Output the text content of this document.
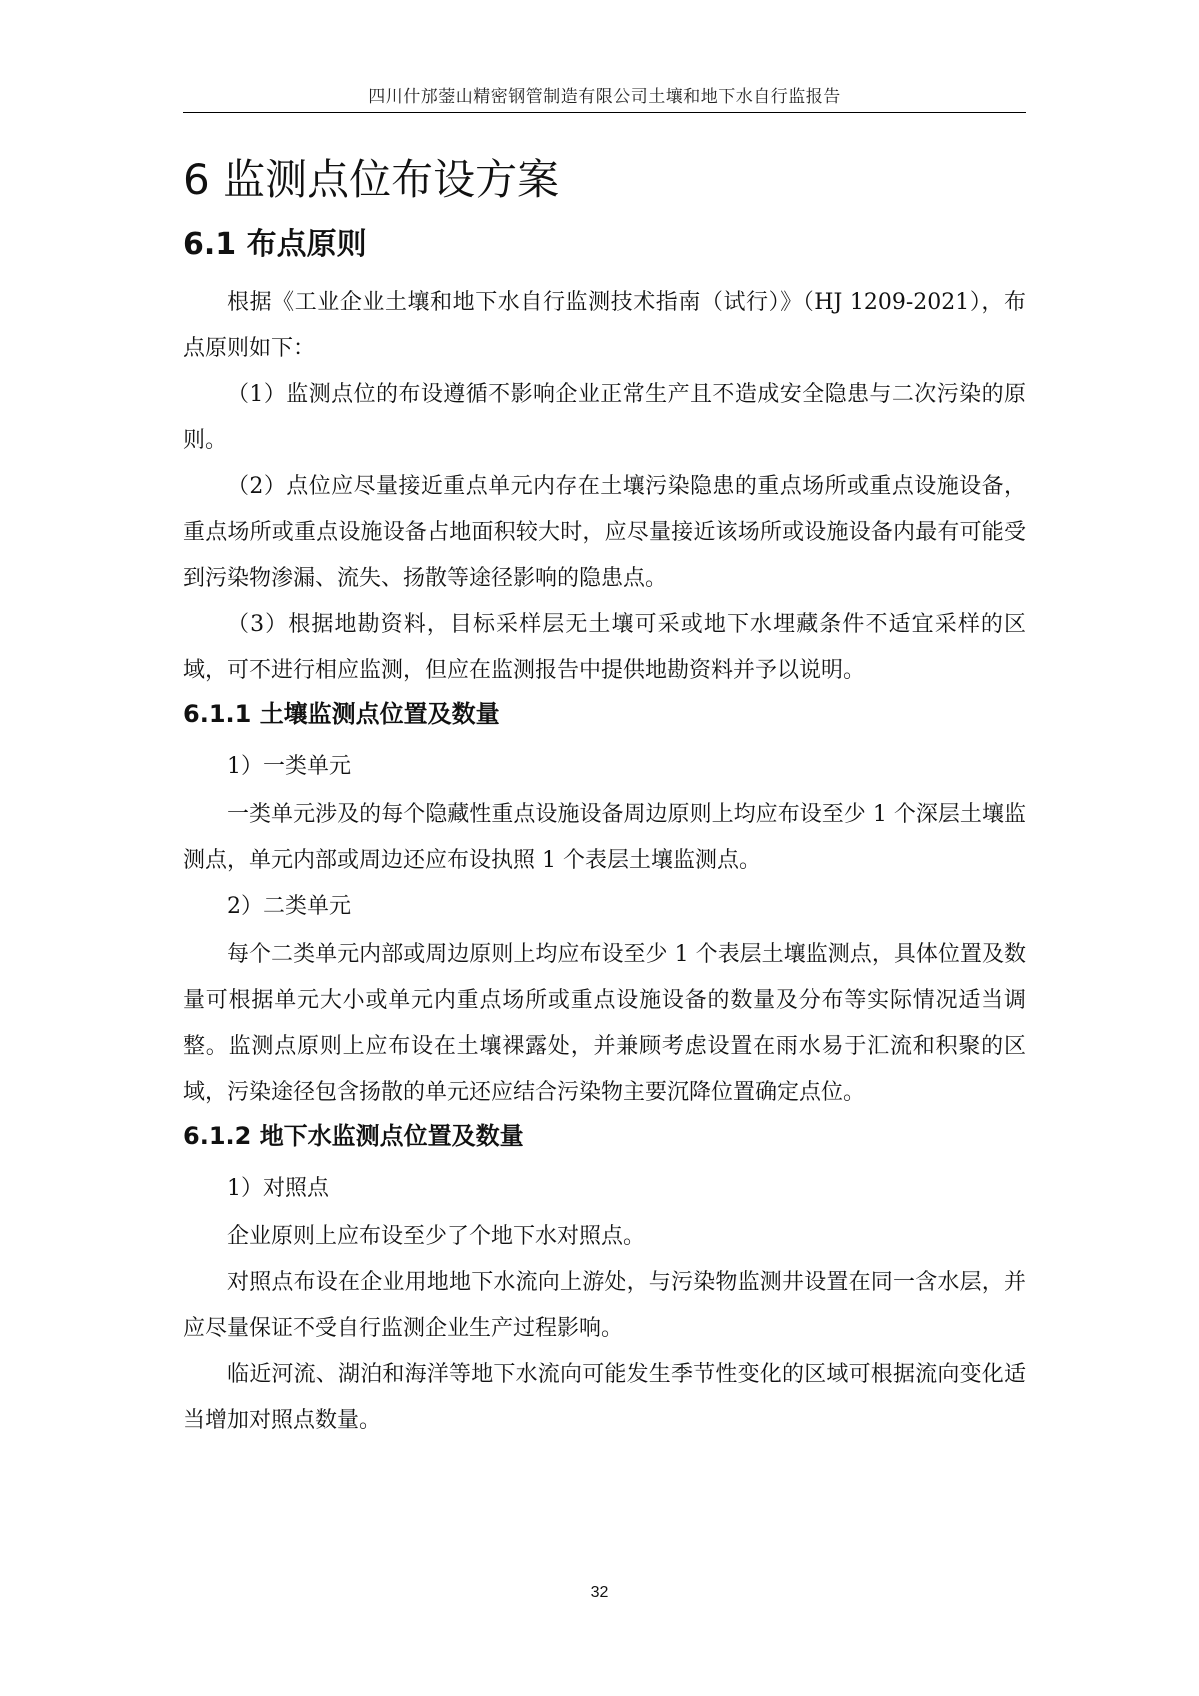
四川什邡蓥山精密钢管制造有限公司土壤和地下水自行监报告
6 监测点位布设方案
6.1 布点原则

根据《工业企业土壤和地下水自行监测技术指南（试行）》（HJ 1209-2021），布点原则如下：

（1）监测点位的布设遵循不影响企业正常生产且不造成安全隐患与二次污染的原则。

（2）点位应尽量接近重点单元内存在土壤污染隐患的重点场所或重点设施设备，重点场所或重点设施设备占地面积较大时，应尽量接近该场所或设施设备内最有可能受到污染物渗漏、流失、扬散等途径影响的隐患点。

（3）根据地勘资料，目标采样层无土壤可采或地下水埋藏条件不适宜采样的区域，可不进行相应监测，但应在监测报告中提供地勘资料并予以说明。

6.1.1 土壤监测点位置及数量

1）一类单元

一类单元涉及的每个隐藏性重点设施设备周边原则上均应布设至少 1 个深层土壤监测点，单元内部或周边还应布设执照 1 个表层土壤监测点。

2）二类单元

每个二类单元内部或周边原则上均应布设至少 1 个表层土壤监测点，具体位置及数量可根据单元大小或单元内重点场所或重点设施设备的数量及分布等实际情况适当调整。监测点原则上应布设在土壤裸露处，并兼顾考虑设置在雨水易于汇流和积聚的区域，污染途径包含扬散的单元还应结合污染物主要沉降位置确定点位。

6.1.2 地下水监测点位置及数量

1）对照点

企业原则上应布设至少了个地下水对照点。

对照点布设在企业用地地下水流向上游处，与污染物监测井设置在同一含水层，并应尽量保证不受自行监测企业生产过程影响。

临近河流、湖泊和海洋等地下水流向可能发生季节性变化的区域可根据流向变化适当增加对照点数量。

32
